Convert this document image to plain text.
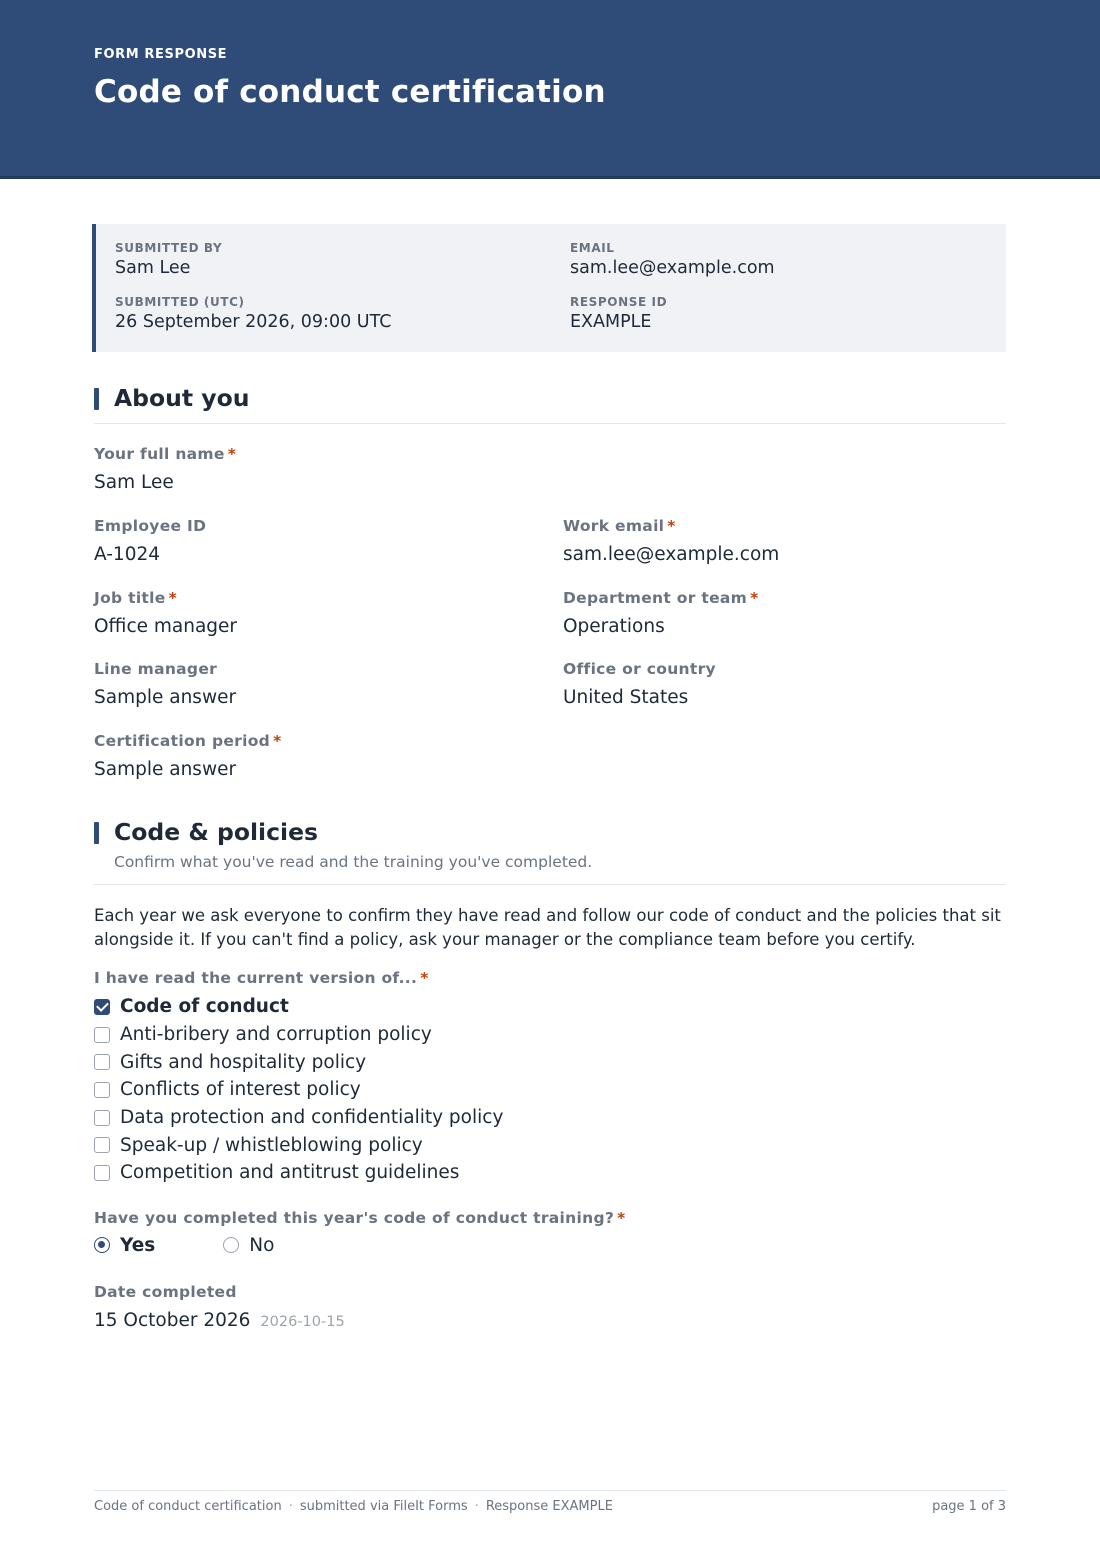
FORM RESPONSE
Code of conduct certification
SUBMITTED BY
Sam Lee
EMAIL
sam.lee@example.com
SUBMITTED (UTC)
26 September 2026, 09:00 UTC
RESPONSE ID
EXAMPLE
About you
Your full name *
Sam Lee
Employee ID
A-1024
Work email *
sam.lee@example.com
Job title *
Office manager
Department or team *
Operations
Line manager
Sample answer
Office or country
United States
Certification period *
Sample answer
Code & policies
Confirm what you've read and the training you've completed.
Each year we ask everyone to confirm they have read and follow our code of conduct and the policies that sit alongside it. If you can't find a policy, ask your manager or the compliance team before you certify.
I have read the current version of... *
Code of conduct
Anti-bribery and corruption policy
Gifts and hospitality policy
Conflicts of interest policy
Data protection and confidentiality policy
Speak-up / whistleblowing policy
Competition and antitrust guidelines
Have you completed this year's code of conduct training? *
Yes	No
Date completed
15 October 2026 2026-10-15
Code of conduct certification · submitted via FileIt Forms · Response EXAMPLE	page 1 of 3
